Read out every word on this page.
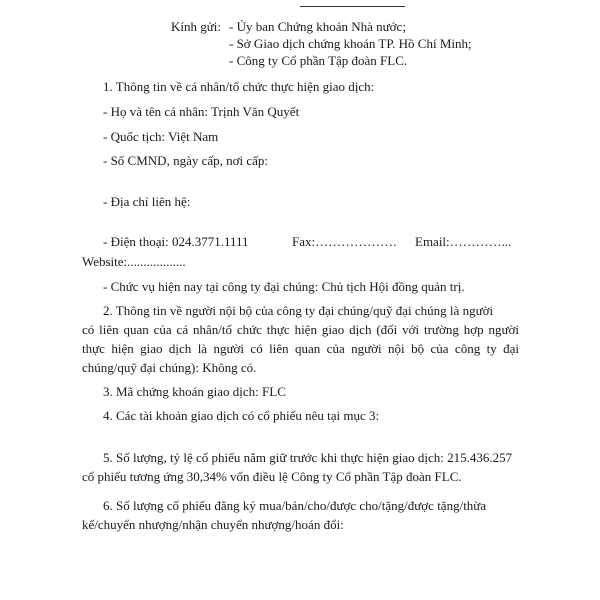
Kính gửi: - Ủy ban Chứng khoán Nhà nước;
- Sở Giao dịch chứng khoán TP. Hồ Chí Minh;
- Công ty Cổ phần Tập đoàn FLC.
1. Thông tin về cá nhân/tổ chức thực hiện giao dịch:
- Họ và tên cá nhân: Trịnh Văn Quyết
- Quốc tịch: Việt Nam
- Số CMND, ngày cấp, nơi cấp:
- Địa chỉ liên hệ:
- Điện thoại: 024.3771.1111	Fax:………………. Email:…………...
Website:..................
- Chức vụ hiện nay tại công ty đại chúng: Chủ tịch Hội đồng quản trị.
2. Thông tin về người nội bộ của công ty đại chúng/quỹ đại chúng là người
có liên quan của cá nhân/tổ chức thực hiện giao dịch (đối với trường hợp người thực hiện giao dịch là người có liên quan của người nội bộ của công ty đại chúng/quỹ đại chúng): Không có.
3. Mã chứng khoán giao dịch: FLC
4. Các tài khoản giao dịch có cổ phiếu nêu tại mục 3:
5. Số lượng, tỷ lệ cổ phiếu nắm giữ trước khi thực hiện giao dịch: 215.436.257
cổ phiếu tương ứng 30,34% vốn điều lệ Công ty Cổ phần Tập đoàn FLC.
6. Số lượng cổ phiếu đăng ký mua/bán/cho/được cho/tặng/được tặng/thừa
kế/chuyển nhượng/nhận chuyển nhượng/hoán đổi:
